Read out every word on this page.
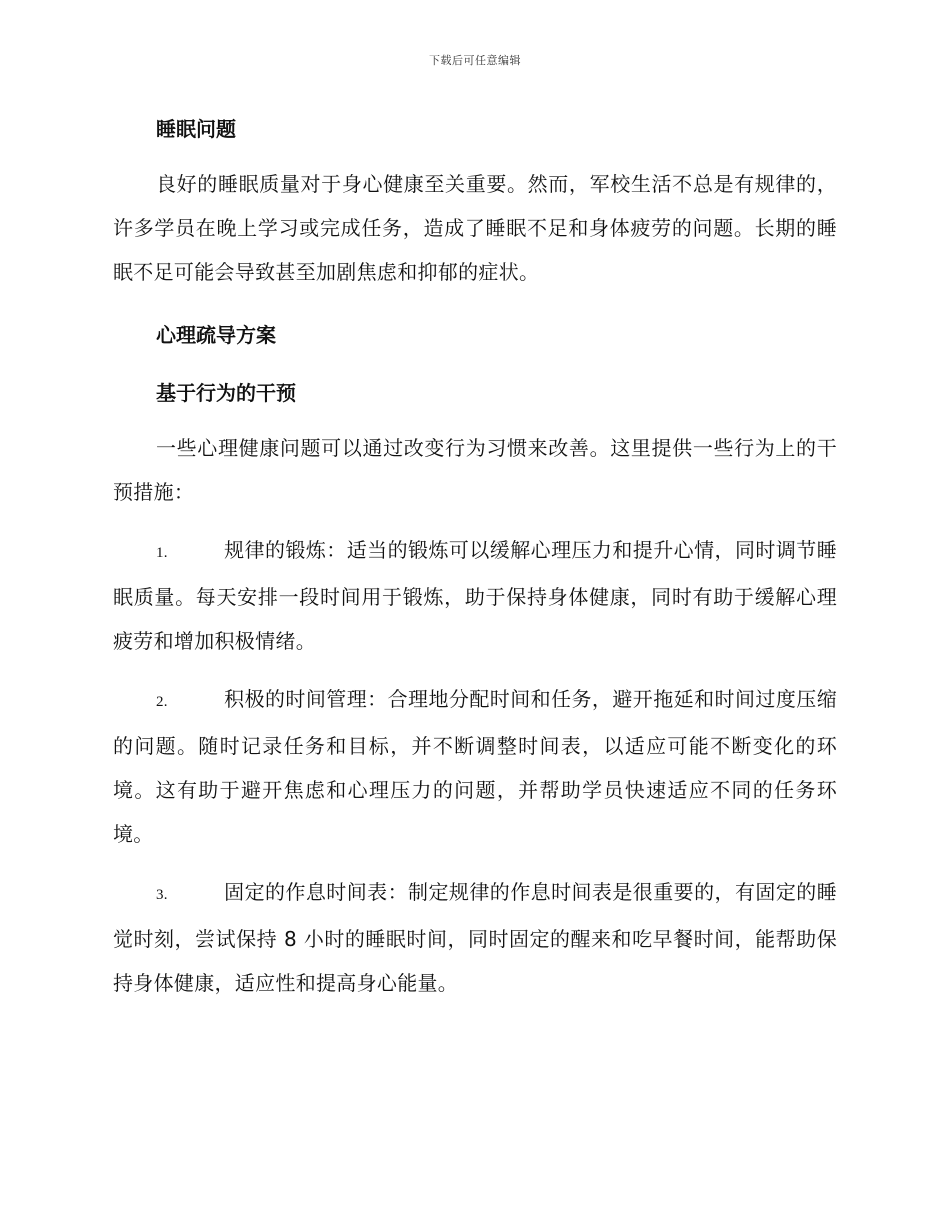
下载后可任意编辑
睡眠问题

良好的睡眠质量对于身心健康至关重要。然而，军校生活不总是有规律的，许多学员在晚上学习或完成任务，造成了睡眠不足和身体疲劳的问题。长期的睡眠不足可能会导致甚至加剧焦虑和抑郁的症状。

心理疏导方案
基于行为的干预

一些心理健康问题可以通过改变行为习惯来改善。这里提供一些行为上的干预措施：

1.	规律的锻炼：适当的锻炼可以缓解心理压力和提升心情，同时调节睡眠质量。每天安排一段时间用于锻炼，助于保持身体健康，同时有助于缓解心理疲劳和增加积极情绪。

2.	积极的时间管理：合理地分配时间和任务，避开拖延和时间过度压缩的问题。随时记录任务和目标，并不断调整时间表，以适应可能不断变化的环境。这有助于避开焦虑和心理压力的问题，并帮助学员快速适应不同的任务环境。

3.	固定的作息时间表：制定规律的作息时间表是很重要的，有固定的睡觉时刻，尝试保持 8 小时的睡眠时间，同时固定的醒来和吃早餐时间，能帮助保持身体健康，适应性和提高身心能量。
